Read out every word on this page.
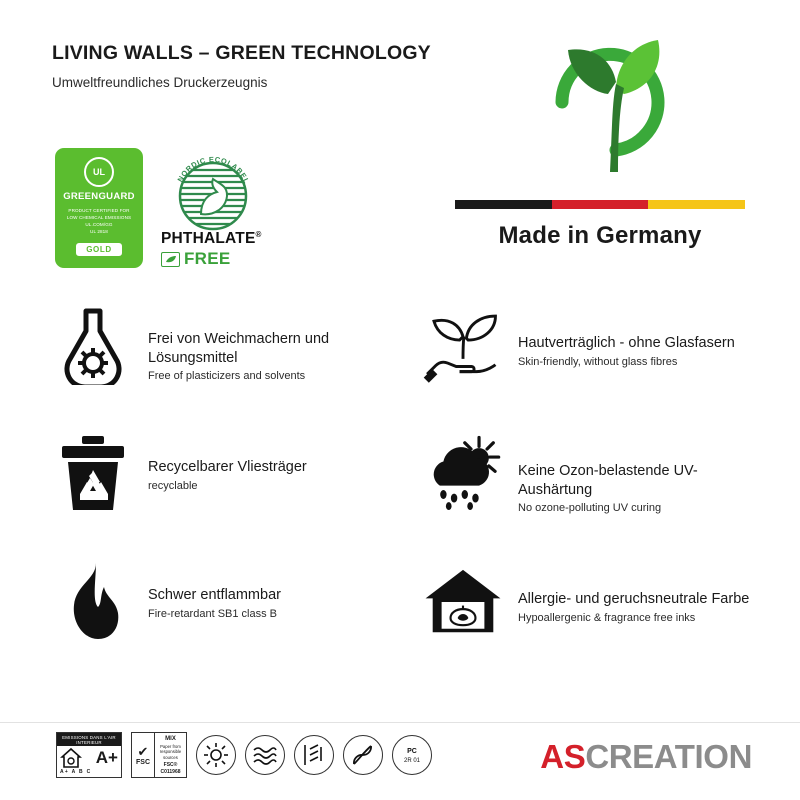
LIVING WALLS – GREEN TECHNOLOGY
Umweltfreundliches Druckerzeugnis
UL
GREENGUARD
PRODUCT CERTIFIED FOR
LOW CHEMICAL EMISSIONS
UL.COM/GG
UL 2818
GOLD
NORDIC ECOLABEL
PHTHALATE®
FREE
Made in Germany
Frei von Weichmachern und Lösungsmittel
Free of plasticizers and solvents
Hautverträglich - ohne Glasfasern
Skin-friendly, without glass fibres
Recycelbarer Vliesträger
recyclable
Keine Ozon-belastende UV-Aushärtung
No ozone-polluting UV curing
Schwer entflammbar
Fire-retardant SB1 class B
Allergie- und geruchsneutrale Farbe
Hypoallergenic & fragrance free inks
EMISSIONS DANS L'AIR INTERIEUR
A+
A+ A B C
✔
FSC
MIX
Paper from
responsible sources
FSC® C011968
PC
2R 01	ASCREATION
